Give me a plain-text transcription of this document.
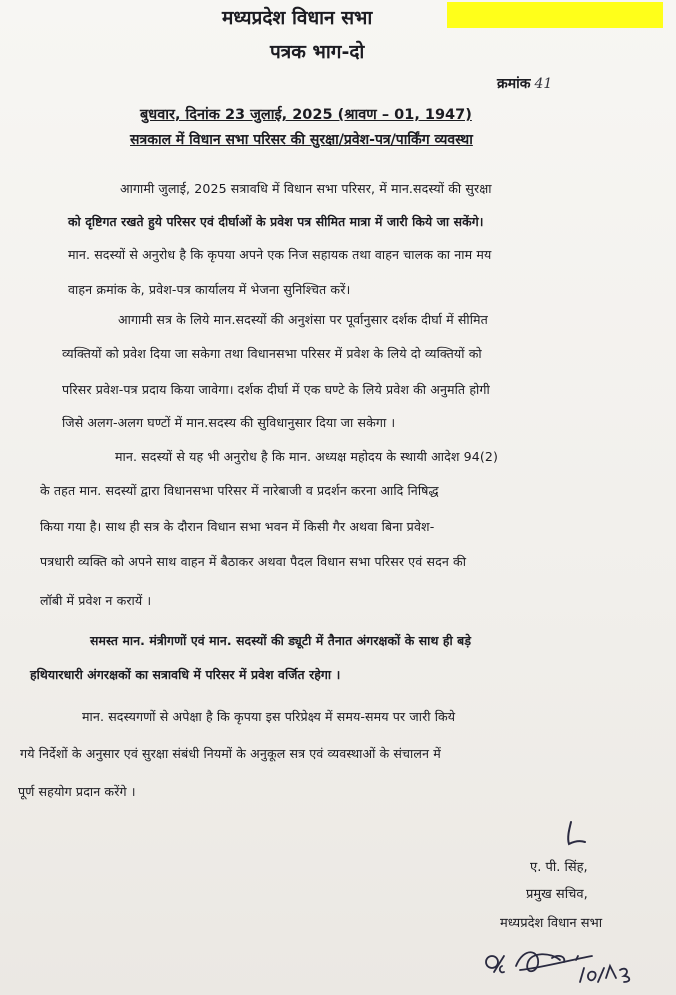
मध्यप्रदेश विधान सभा
पत्रक भाग-दो
क्रमांक 41
बुधवार, दिनांक 23 जुलाई, 2025 (श्रावण – 01, 1947)
सत्रकाल में विधान सभा परिसर की सुरक्षा/प्रवेश-पत्र/पार्किंग व्यवस्था
आगामी जुलाई, 2025 सत्रावधि में विधान सभा परिसर, में मान.सदस्यों की सुरक्षा
को दृष्टिगत रखते हुये परिसर एवं दीर्घाओं के प्रवेश पत्र सीमित मात्रा में जारी किये जा सकेंगे।
मान. सदस्यों से अनुरोध है कि कृपया अपने एक निज सहायक तथा वाहन चालक का नाम मय
वाहन क्रमांक के, प्रवेश-पत्र कार्यालय में भेजना सुनिश्चित करें।
आगामी सत्र के लिये मान.सदस्यों की अनुशंसा पर पूर्वानुसार दर्शक दीर्घा में सीमित
व्यक्तियों को प्रवेश दिया जा सकेगा तथा विधानसभा परिसर में प्रवेश के लिये दो व्यक्तियों को
परिसर प्रवेश-पत्र प्रदाय किया जावेगा। दर्शक दीर्घा में एक घण्टे के लिये प्रवेश की अनुमति होगी
जिसे अलग-अलग घण्टों में मान.सदस्य की सुविधानुसार दिया जा सकेगा ।
मान. सदस्यों से यह भी अनुरोध है कि मान. अध्यक्ष महोदय के स्थायी आदेश 94(2)
के तहत मान. सदस्यों द्वारा विधानसभा परिसर में नारेबाजी व प्रदर्शन करना आदि निषिद्ध
किया गया है। साथ ही सत्र के दौरान विधान सभा भवन में किसी गैर अथवा बिना प्रवेश-
पत्रधारी व्यक्ति को अपने साथ वाहन में बैठाकर अथवा पैदल विधान सभा परिसर एवं सदन की
लॉबी में प्रवेश न करायें ।
समस्त मान. मंत्रीगणों एवं मान. सदस्यों की ड्यूटी में तैनात अंगरक्षकों के साथ ही बड़े
हथियारधारी अंगरक्षकों का सत्रावधि में परिसर में प्रवेश वर्जित रहेगा ।
मान. सदस्यगणों से अपेक्षा है कि कृपया इस परिप्रेक्ष्य में समय-समय पर जारी किये
गये निर्देशों के अनुसार एवं सुरक्षा संबंधी नियमों के अनुकूल सत्र एवं व्यवस्थाओं के संचालन में
पूर्ण सहयोग प्रदान करेंगे ।
ए. पी. सिंह,
प्रमुख सचिव,
मध्यप्रदेश विधान सभा
